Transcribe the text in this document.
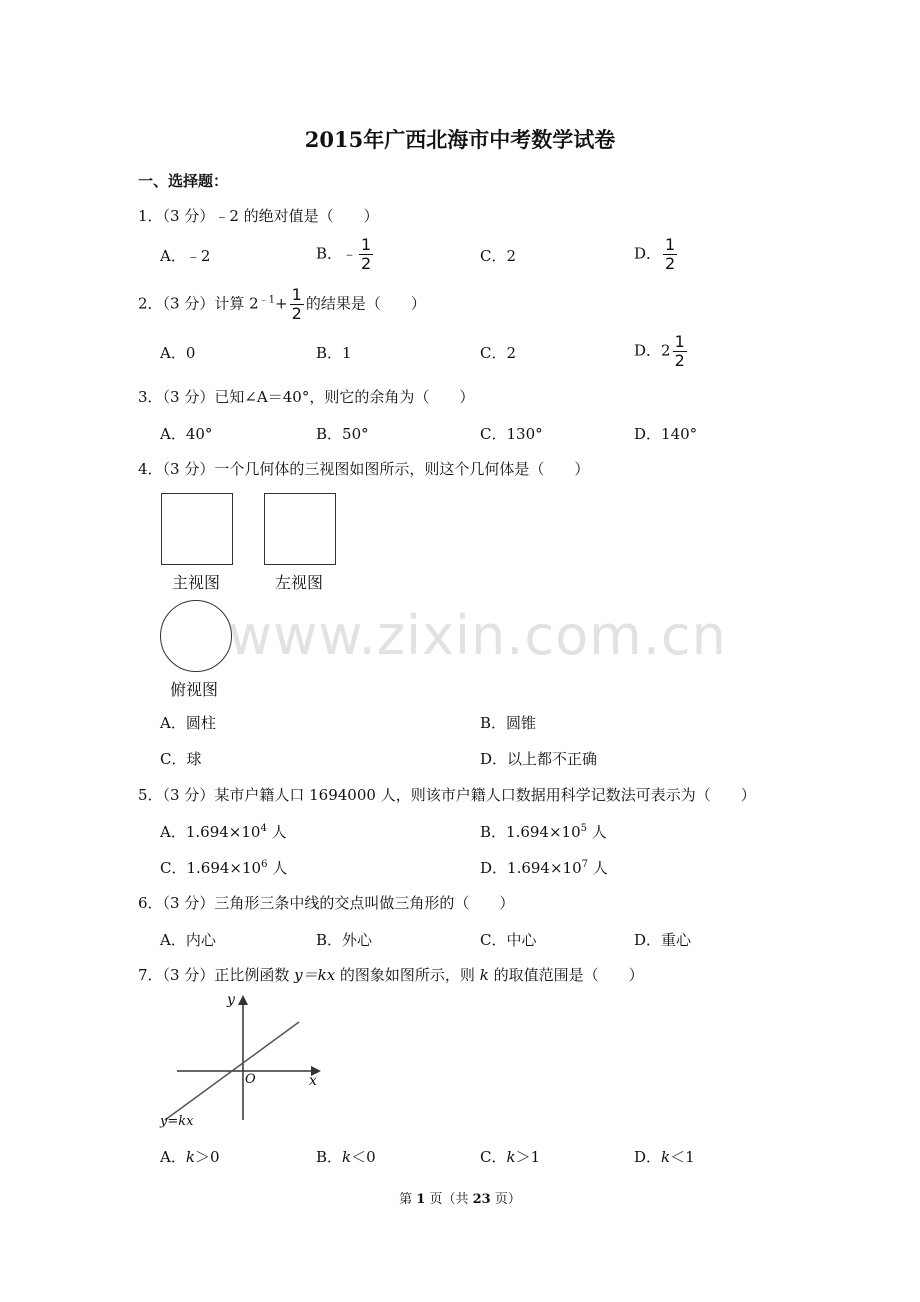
2015年广西北海市中考数学试卷
一、选择题：
1．（3 分）﹣2 的绝对值是（　　）
A．﹣2	B．﹣ $\frac{1}{2}$	C．2	D． $\frac{1}{2}$
2．（3 分）计算 $2^{﹣1}+ \frac{1}{2}$ 的结果是（　　）
A．0	B．1	C．2	D．$2 \frac{1}{2}$
3．（3 分）已知∠A＝40°，则它的余角为（　　）
A．40°	B．50°	C．130°	D．140°
4．（3 分）一个几何体的三视图如图所示，则这个几何体是（　　）
主视图	左视图
俯视图
www.zixin.com.cn
A．圆柱	B．圆锥
C．球	D．以上都不正确
5．（3 分）某市户籍人口 1694000 人，则该市户籍人口数据用科学记数法可表示为（　　）
A．$1.694\times 10^4$ 人	B．$1.694\times 10^5$ 人
C．$1.694\times 10^6$ 人	D．$1.694\times 10^7$ 人
6．（3 分）三角形三条中线的交点叫做三角形的（　　）
A．内心	B．外心	C．中心	D．重心
7．（3 分）正比例函数 y＝kx 的图象如图所示，则 k 的取值范围是（　　）
y
x
O
y=kx
A．k＞0	B．k＜0	C．k＞1	D．k＜1
第 1 页（共 23 页）
